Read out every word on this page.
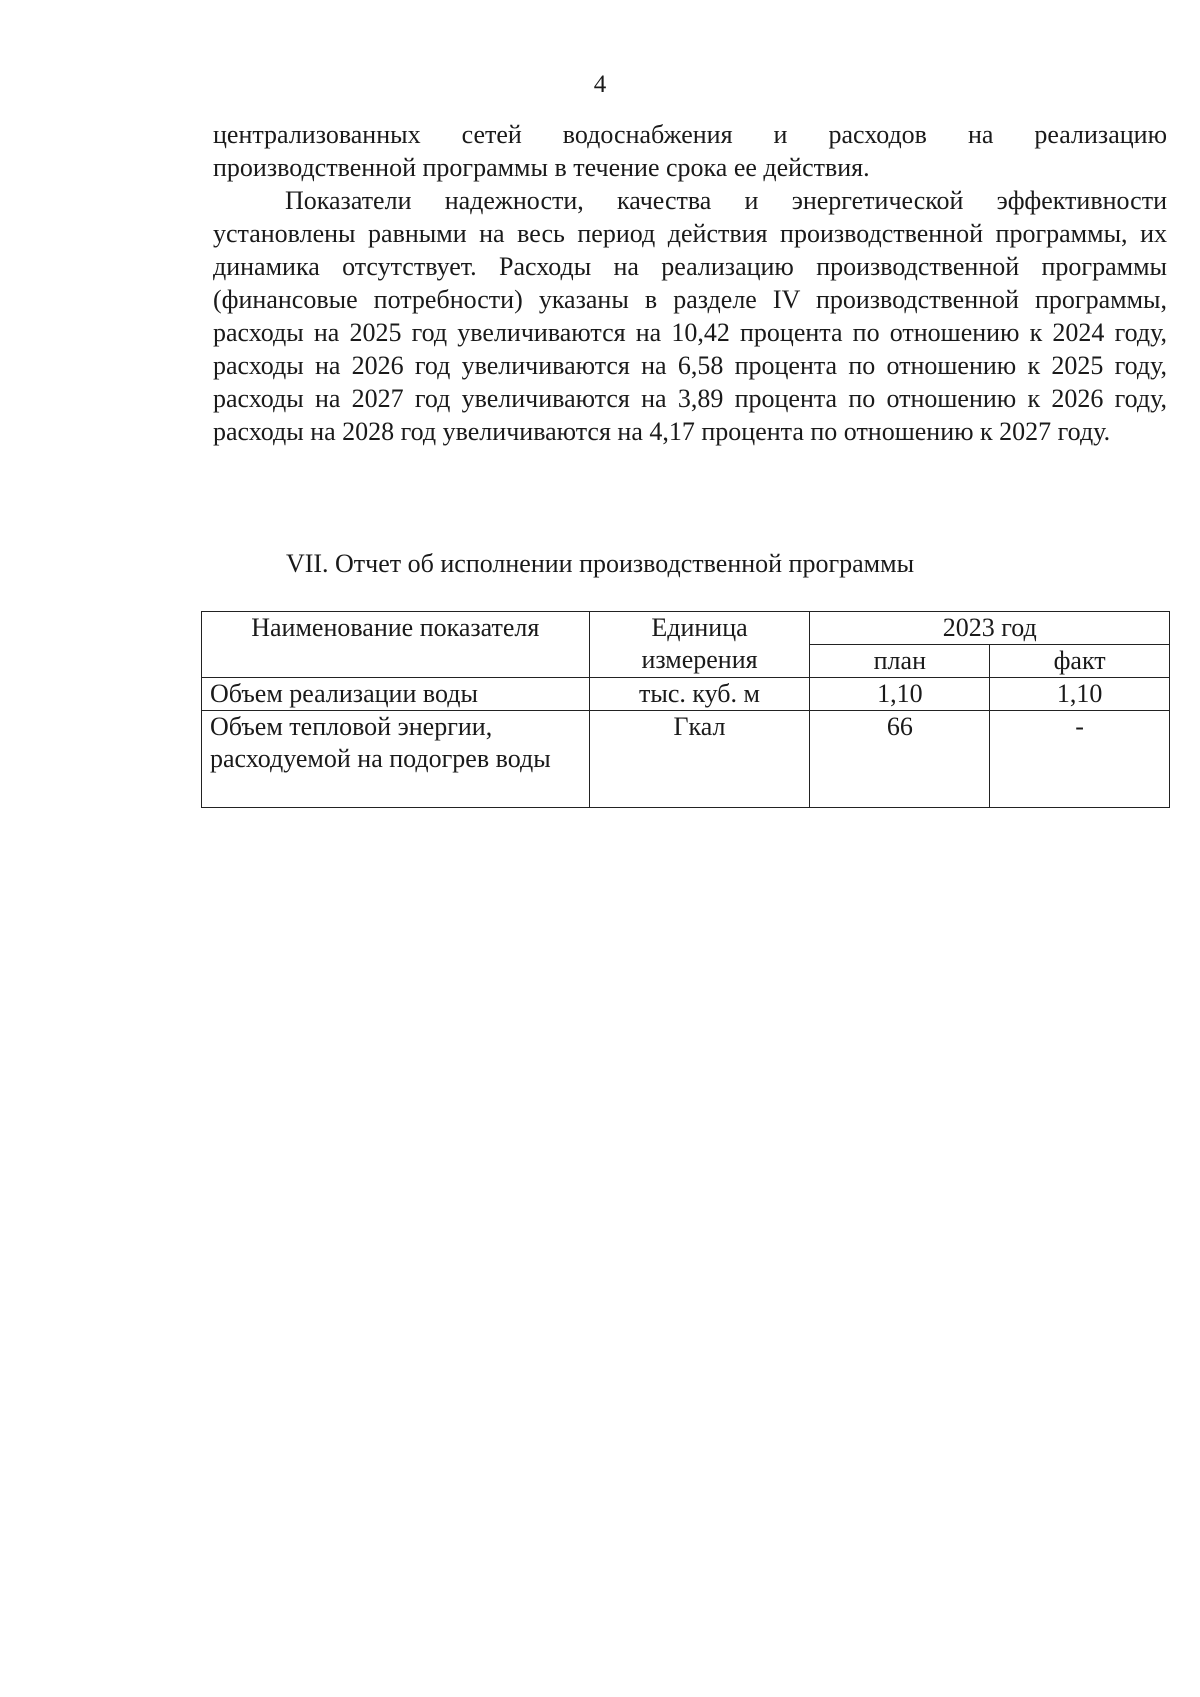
4

централизованных сетей водоснабжения и расходов на реализацию производственной программы в течение срока ее действия.

Показатели надежности, качества и энергетической эффективности установлены равными на весь период действия производственной программы, их динамика отсутствует. Расходы на реализацию производственной программы (финансовые потребности) указаны в разделе IV производственной программы, расходы на 2025 год увеличиваются на 10,42 процента по отношению к 2024 году, расходы на 2026 год увеличиваются на 6,58 процента по отношению к 2025 году, расходы на 2027 год увеличиваются на 3,89 процента по отношению к 2026 году, расходы на 2028 год увеличиваются на 4,17 процента по отношению к 2027 году.

VII. Отчет об исполнении производственной программы
Наименование показателя	Единица измерения	2023 год	
		план	факт
Объем реализации воды	тыс. куб. м	1,10	1,10
Объем тепловой энергии, расходуемой на подогрев воды	Гкал	66	-
